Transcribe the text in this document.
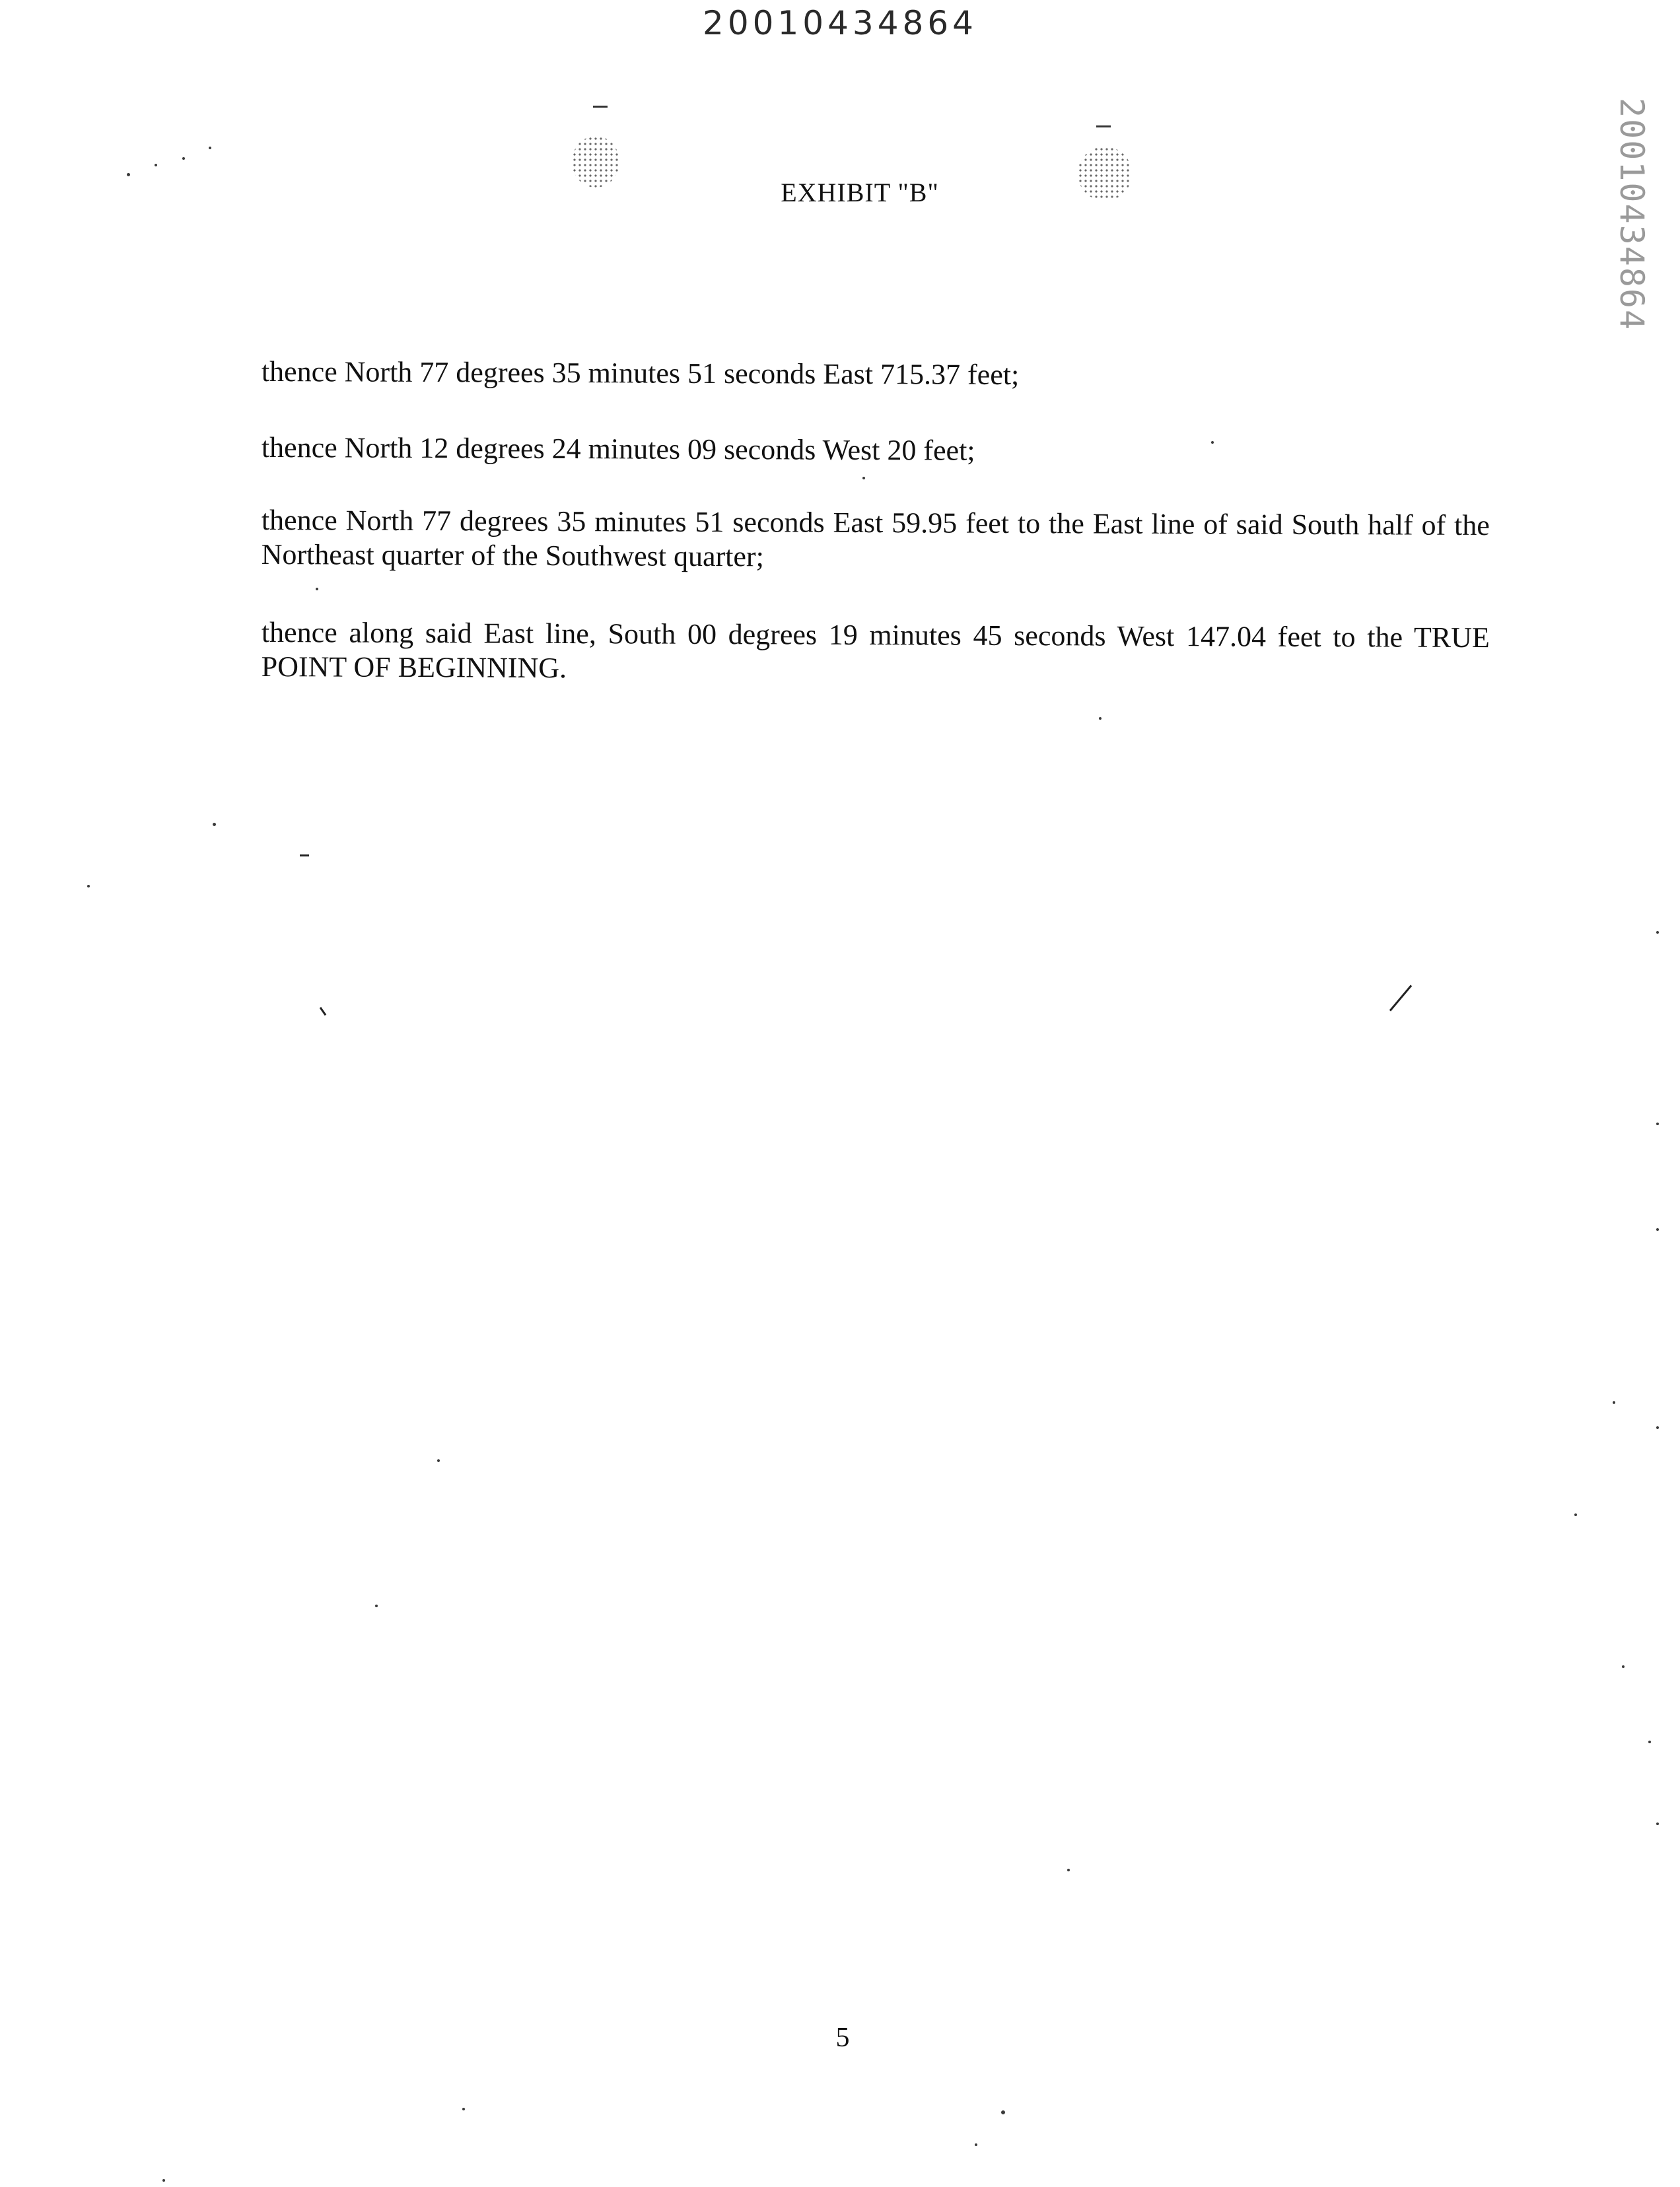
20010434864
20010434864
EXHIBIT "B"
thence North 77 degrees 35 minutes 51 seconds East 715.37 feet;
thence North 12 degrees 24 minutes 09 seconds West 20 feet;
thence North 77 degrees 35 minutes 51 seconds East 59.95 feet to the East line of said South half of the Northeast quarter of the Southwest quarter;
thence along said East line, South 00 degrees 19 minutes 45 seconds West 147.04 feet to the TRUE POINT OF BEGINNING.
5
